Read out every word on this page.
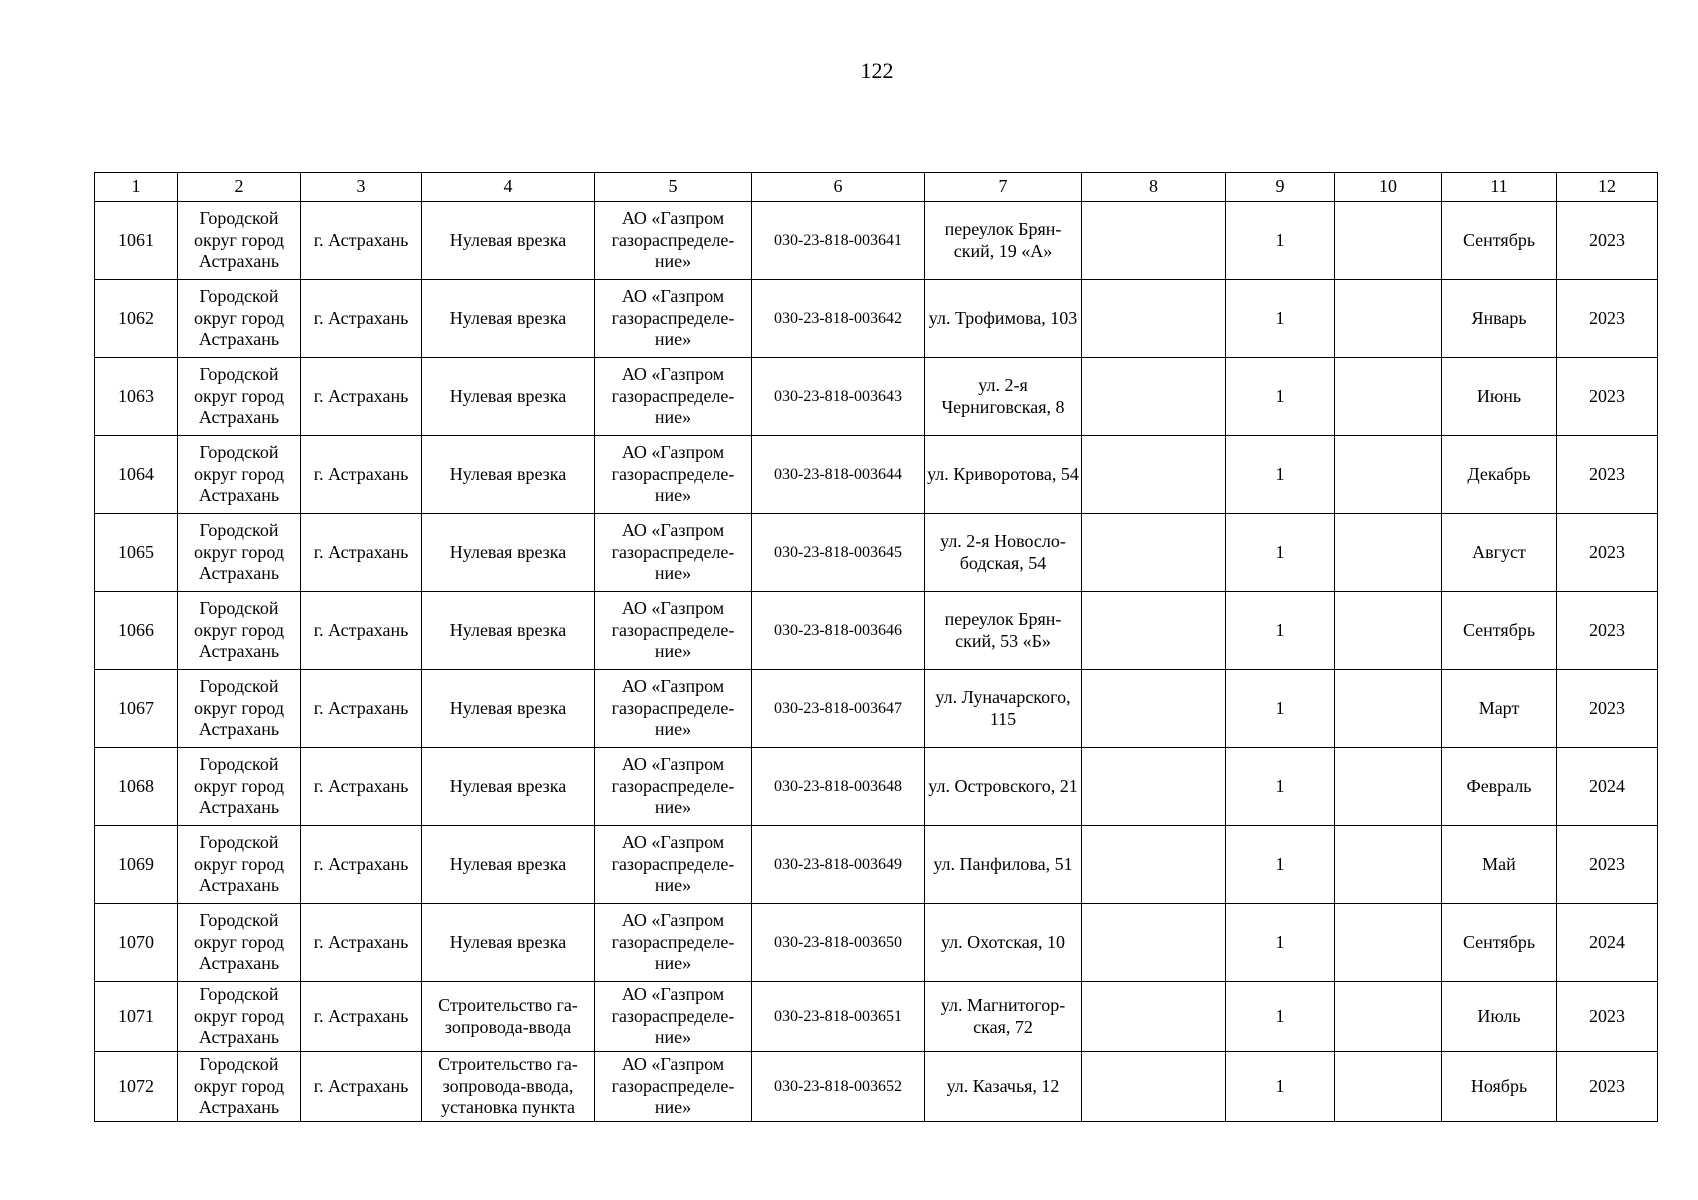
122
1	2	3	4	5	6	7	8	9	10	11	12
1061	Городской округ город Астрахань	г. Астрахань	Нулевая врезка	АО «Газпром газораспределе-ние»	030-23-818-003641	переулок Брян-ский, 19 «А»		1		Сентябрь	2023
1062	Городской округ город Астрахань	г. Астрахань	Нулевая врезка	АО «Газпром газораспределе-ние»	030-23-818-003642	ул. Трофимова, 103		1		Январь	2023
1063	Городской округ город Астрахань	г. Астрахань	Нулевая врезка	АО «Газпром газораспределе-ние»	030-23-818-003643	ул. 2-я Черниговская, 8		1		Июнь	2023
1064	Городской округ город Астрахань	г. Астрахань	Нулевая врезка	АО «Газпром газораспределе-ние»	030-23-818-003644	ул. Криворотова, 54		1		Декабрь	2023
1065	Городской округ город Астрахань	г. Астрахань	Нулевая врезка	АО «Газпром газораспределе-ние»	030-23-818-003645	ул. 2-я Новосло-бодская, 54		1		Август	2023
1066	Городской округ город Астрахань	г. Астрахань	Нулевая врезка	АО «Газпром газораспределе-ние»	030-23-818-003646	переулок Брян-ский, 53 «Б»		1		Сентябрь	2023
1067	Городской округ город Астрахань	г. Астрахань	Нулевая врезка	АО «Газпром газораспределе-ние»	030-23-818-003647	ул. Луначарского, 115		1		Март	2023
1068	Городской округ город Астрахань	г. Астрахань	Нулевая врезка	АО «Газпром газораспределе-ние»	030-23-818-003648	ул. Островского, 21		1		Февраль	2024
1069	Городской округ город Астрахань	г. Астрахань	Нулевая врезка	АО «Газпром газораспределе-ние»	030-23-818-003649	ул. Панфилова, 51		1		Май	2023
1070	Городской округ город Астрахань	г. Астрахань	Нулевая врезка	АО «Газпром газораспределе-ние»	030-23-818-003650	ул. Охотская, 10		1		Сентябрь	2024
1071	Городской округ город Астрахань	г. Астрахань	Строительство га-зопровода-ввода	АО «Газпром газораспределе-ние»	030-23-818-003651	ул. Магнитогор-ская, 72		1		Июль	2023
1072	Городской округ город Астрахань	г. Астрахань	Строительство га-зопровода-ввода, установка пункта	АО «Газпром газораспределе-ние»	030-23-818-003652	ул. Казачья, 12		1		Ноябрь	2023
